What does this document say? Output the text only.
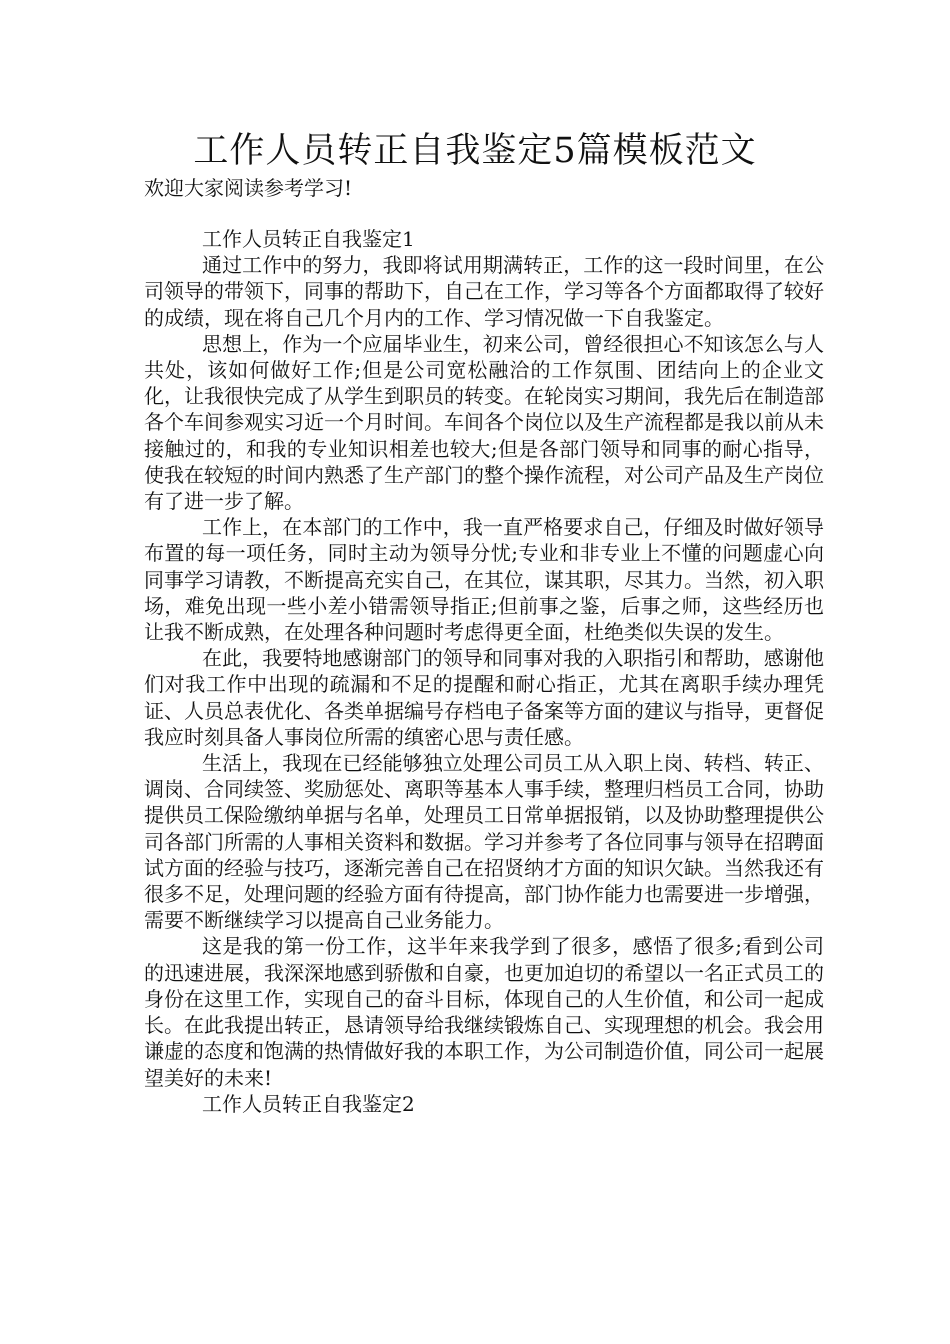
工作人员转正自我鉴定5篇模板范文
欢迎大家阅读参考学习!

工作人员转正自我鉴定1

通过工作中的努力，我即将试用期满转正，工作的这一段时间里，在公司领导的带领下，同事的帮助下，自己在工作，学习等各个方面都取得了较好的成绩，现在将自己几个月内的工作、学习情况做一下自我鉴定。

思想上，作为一个应届毕业生，初来公司，曾经很担心不知该怎么与人共处，该如何做好工作;但是公司宽松融洽的工作氛围、团结向上的企业文化，让我很快完成了从学生到职员的转变。在轮岗实习期间，我先后在制造部各个车间参观实习近一个月时间。车间各个岗位以及生产流程都是我以前从未接触过的，和我的专业知识相差也较大;但是各部门领导和同事的耐心指导，使我在较短的时间内熟悉了生产部门的整个操作流程，对公司产品及生产岗位有了进一步了解。

工作上，在本部门的工作中，我一直严格要求自己，仔细及时做好领导布置的每一项任务，同时主动为领导分忧;专业和非专业上不懂的问题虚心向同事学习请教，不断提高充实自己，在其位，谋其职，尽其力。当然，初入职场，难免出现一些小差小错需领导指正;但前事之鉴，后事之师，这些经历也让我不断成熟，在处理各种问题时考虑得更全面，杜绝类似失误的发生。

在此，我要特地感谢部门的领导和同事对我的入职指引和帮助，感谢他们对我工作中出现的疏漏和不足的提醒和耐心指正，尤其在离职手续办理凭证、人员总表优化、各类单据编号存档电子备案等方面的建议与指导，更督促我应时刻具备人事岗位所需的缜密心思与责任感。

生活上，我现在已经能够独立处理公司员工从入职上岗、转档、转正、调岗、合同续签、奖励惩处、离职等基本人事手续，整理归档员工合同，协助提供员工保险缴纳单据与名单，处理员工日常单据报销，以及协助整理提供公司各部门所需的人事相关资料和数据。学习并参考了各位同事与领导在招聘面试方面的经验与技巧，逐渐完善自己在招贤纳才方面的知识欠缺。当然我还有很多不足，处理问题的经验方面有待提高，部门协作能力也需要进一步增强，需要不断继续学习以提高自己业务能力。

这是我的第一份工作，这半年来我学到了很多，感悟了很多;看到公司的迅速进展，我深深地感到骄傲和自豪，也更加迫切的希望以一名正式员工的身份在这里工作，实现自己的奋斗目标，体现自己的人生价值，和公司一起成长。在此我提出转正，恳请领导给我继续锻炼自己、实现理想的机会。我会用谦虚的态度和饱满的热情做好我的本职工作，为公司制造价值，同公司一起展望美好的未来!

工作人员转正自我鉴定2
